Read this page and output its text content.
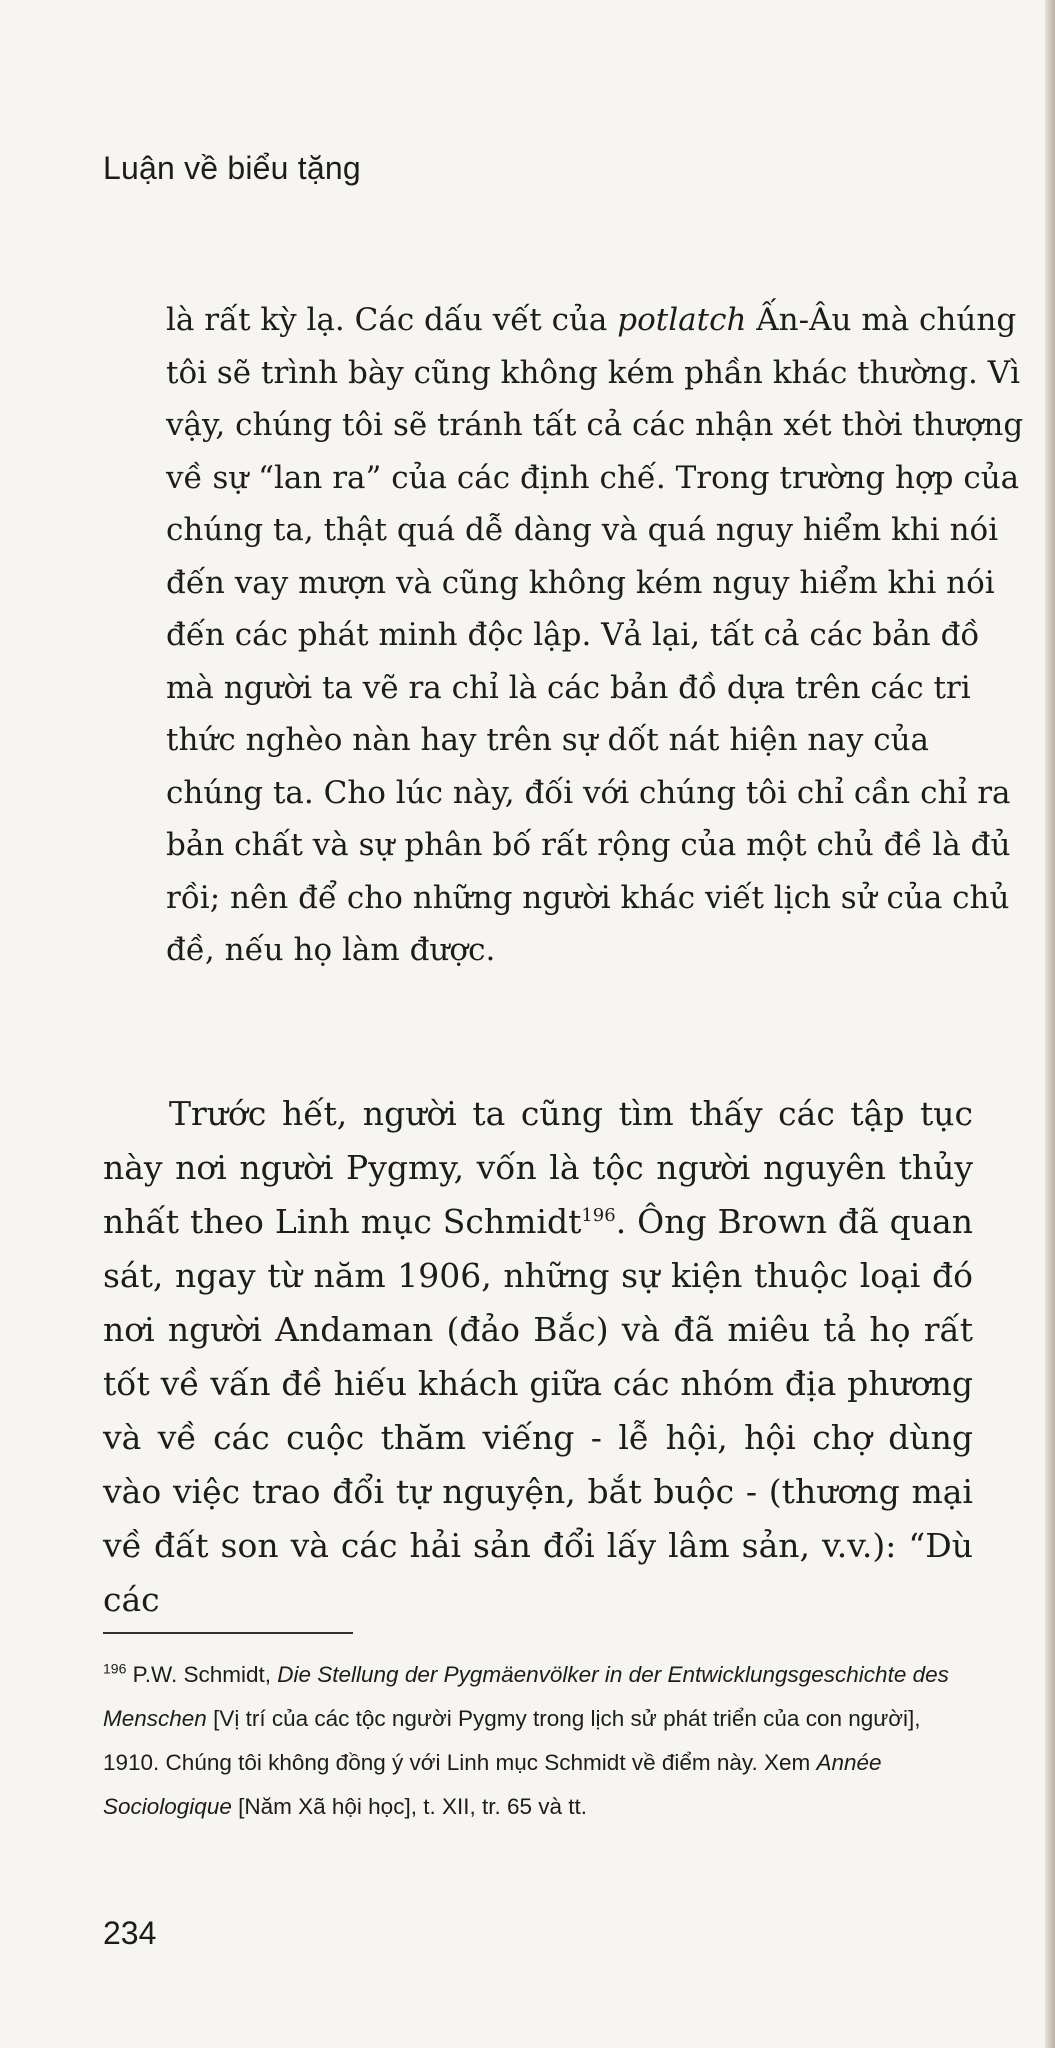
Luận về biểu tặng

là rất kỳ lạ. Các dấu vết của potlatch Ấn-Âu mà chúng tôi sẽ trình bày cũng không kém phần khác thường. Vì vậy, chúng tôi sẽ tránh tất cả các nhận xét thời thượng về sự “lan ra” của các định chế. Trong trường hợp của chúng ta, thật quá dễ dàng và quá nguy hiểm khi nói đến vay mượn và cũng không kém nguy hiểm khi nói đến các phát minh độc lập. Vả lại, tất cả các bản đồ mà người ta vẽ ra chỉ là các bản đồ dựa trên các tri thức nghèo nàn hay trên sự dốt nát hiện nay của chúng ta. Cho lúc này, đối với chúng tôi chỉ cần chỉ ra bản chất và sự phân bố rất rộng của một chủ đề là đủ rồi; nên để cho những người khác viết lịch sử của chủ đề, nếu họ làm được.

Trước hết, người ta cũng tìm thấy các tập tục này nơi người Pygmy, vốn là tộc người nguyên thủy nhất theo Linh mục Schmidt$^{196}$. Ông Brown đã quan sát, ngay từ năm 1906, những sự kiện thuộc loại đó nơi người Andaman (đảo Bắc) và đã miêu tả họ rất tốt về vấn đề hiếu khách giữa các nhóm địa phương và về các cuộc thăm viếng - lễ hội, hội chợ dùng vào việc trao đổi tự nguyện, bắt buộc - (thương mại về đất son và các hải sản đổi lấy lâm sản, v.v.): “Dù các

$^{196}$ P.W. Schmidt, Die Stellung der Pygmäenvölker in der Entwicklungsgeschichte des Menschen [Vị trí của các tộc người Pygmy trong lịch sử phát triển của con người], 1910. Chúng tôi không đồng ý với Linh mục Schmidt về điểm này. Xem Année Sociologique [Năm Xã hội học], t. XII, tr. 65 và tt.

234
